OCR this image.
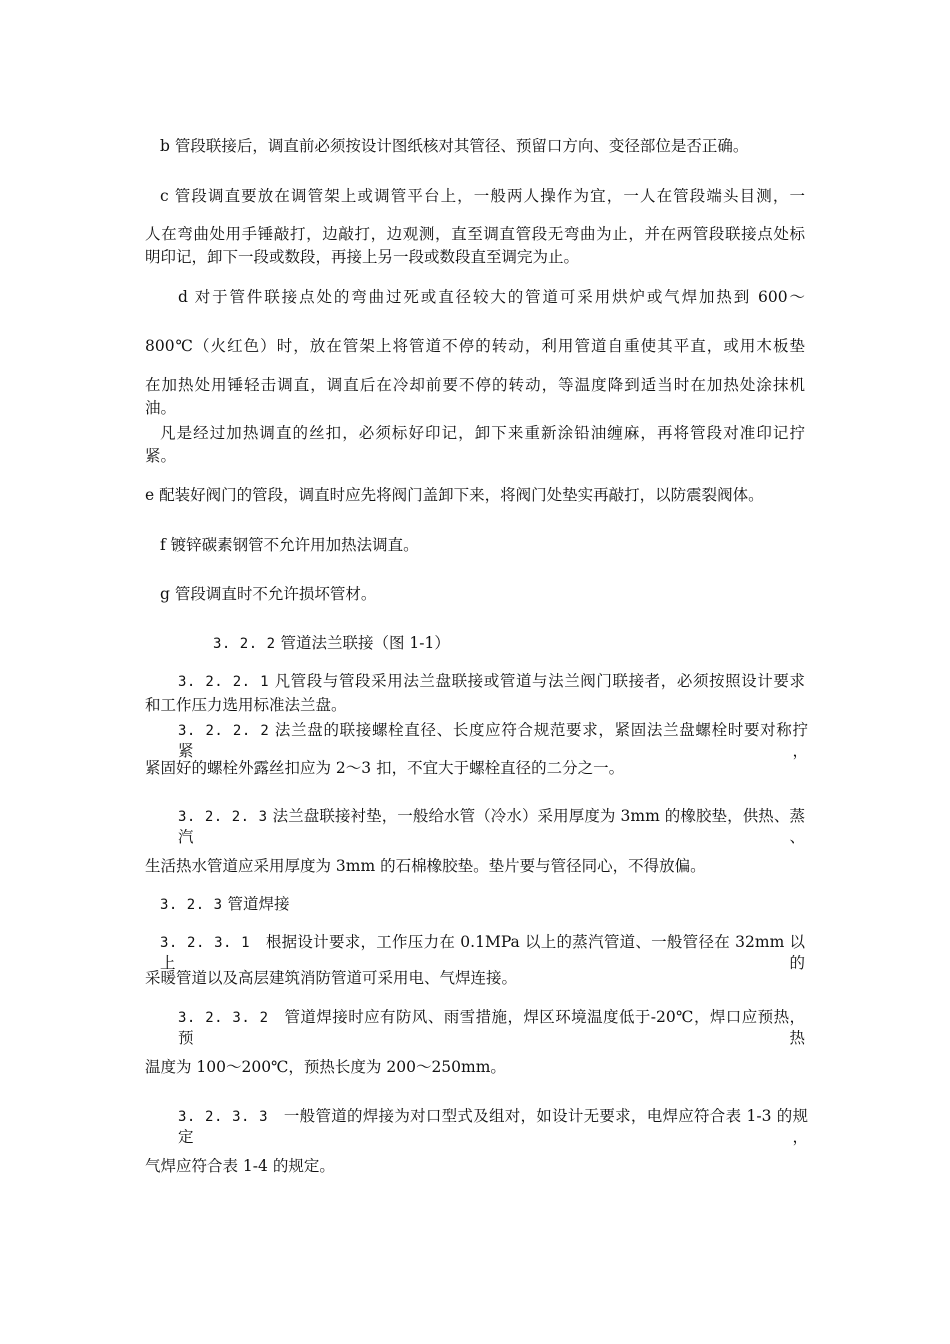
b 管段联接后，调直前必须按设计图纸核对其管径、预留口方向、变径部位是否正确。
c 管段调直要放在调管架上或调管平台上，一般两人操作为宜，一人在管段端头目测，一
人在弯曲处用手锤敲打，边敲打，边观测，直至调直管段无弯曲为止，并在两管段联接点处标
明印记，卸下一段或数段，再接上另一段或数段直至调完为止。
d 对于管件联接点处的弯曲过死或直径较大的管道可采用烘炉或气焊加热到 600～
800℃（火红色）时，放在管架上将管道不停的转动，利用管道自重使其平直，或用木板垫
在加热处用锤轻击调直，调直后在冷却前要不停的转动，等温度降到适当时在加热处涂抹机
油。
凡是经过加热调直的丝扣，必须标好印记，卸下来重新涂铅油缠麻，再将管段对准印记拧
紧。
e 配装好阀门的管段，调直时应先将阀门盖卸下来，将阀门处垫实再敲打，以防震裂阀体。
f 镀锌碳素钢管不允许用加热法调直。
g 管段调直时不允许损坏管材。
3. 2. 2 管道法兰联接（图 1-1）
3. 2. 2. 1 凡管段与管段采用法兰盘联接或管道与法兰阀门联接者，必须按照设计要求
和工作压力选用标准法兰盘。
3. 2. 2. 2 法兰盘的联接螺栓直径、长度应符合规范要求，紧固法兰盘螺栓时要对称拧紧，
紧固好的螺栓外露丝扣应为 2～3 扣，不宜大于螺栓直径的二分之一。
3. 2. 2. 3 法兰盘联接衬垫，一般给水管（冷水）采用厚度为 3mm 的橡胶垫，供热、蒸汽、
生活热水管道应采用厚度为 3mm 的石棉橡胶垫。垫片要与管径同心，不得放偏。
3. 2. 3 管道焊接
3. 2. 3. 1  根据设计要求，工作压力在 0.1MPa 以上的蒸汽管道、一般管径在 32mm 以上的
采暖管道以及高层建筑消防管道可采用电、气焊连接。
3. 2. 3. 2  管道焊接时应有防风、雨雪措施，焊区环境温度低于-20℃，焊口应预热，预热
温度为 100～200℃，预热长度为 200～250mm。
3. 2. 3. 3  一般管道的焊接为对口型式及组对，如设计无要求，电焊应符合表 1-3 的规定，
气焊应符合表 1-4 的规定。
